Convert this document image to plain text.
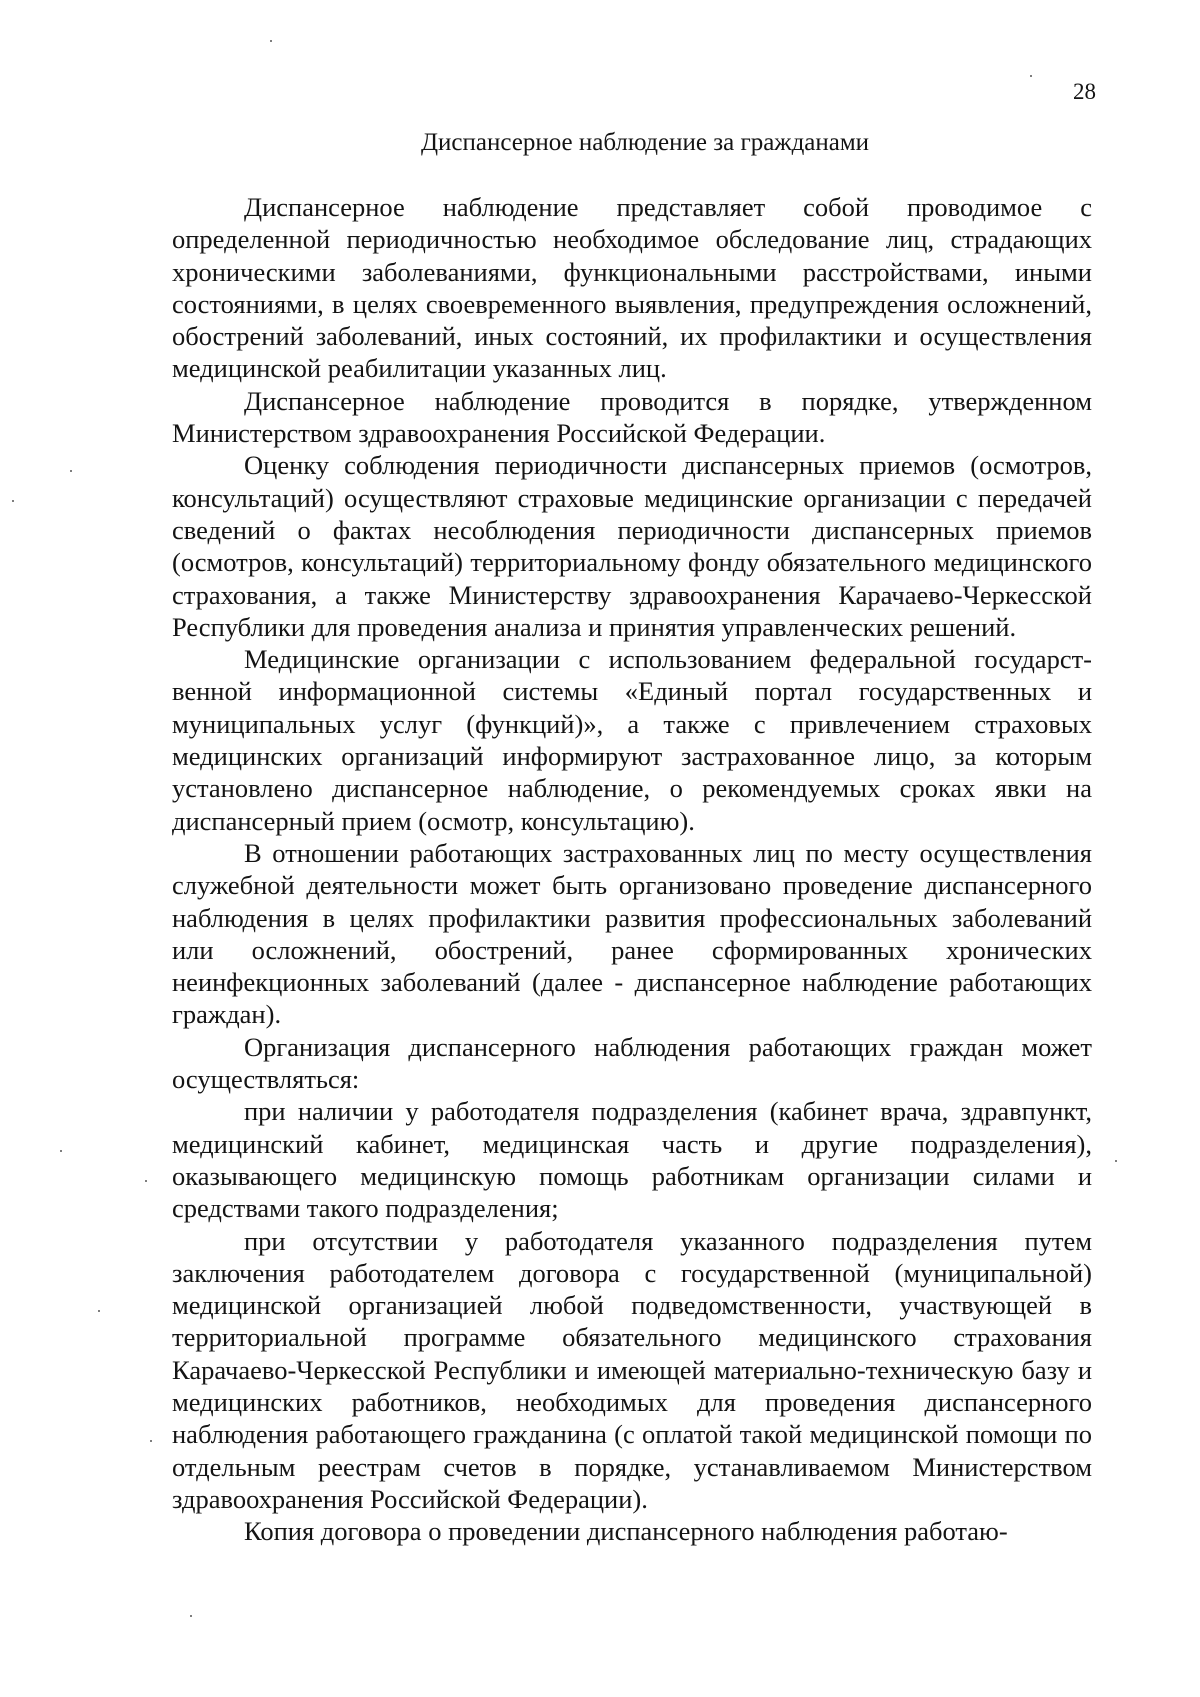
28
Диспансерное наблюдение за гражданами

Диспансерное наблюдение представляет собой проводимое с определенной периодичностью необходимое обследование лиц, страдающих хроническими заболеваниями, функциональными расстройствами, иными состояниями, в целях своевременного выявления, предупреждения осложнений, обострений заболеваний, иных состояний, их профилактики и осуществления медицинской реабилитации указанных лиц.

Диспансерное наблюдение проводится в порядке, утвержденном Министерством здравоохранения Российской Федерации.

Оценку соблюдения периодичности диспансерных приемов (осмотров, консультаций) осуществляют страховые медицинские организации с передачей сведений о фактах несоблюдения периодичности диспансерных приемов (осмотров, консультаций) территориальному фонду обязательного медицинского страхования, а также Министерству здравоохранения Карачаево-Черкесской Республики для проведения анализа и принятия управленческих решений.

Медицинские организации с использованием федеральной государственной информационной системы «Единый портал государственных и муниципальных услуг (функций)», а также с привлечением страховых медицинских организаций информируют застрахованное лицо, за которым установлено диспансерное наблюдение, о рекомендуемых сроках явки на диспансерный прием (осмотр, консультацию).

В отношении работающих застрахованных лиц по месту осуществления служебной деятельности может быть организовано проведение диспансерного наблюдения в целях профилактики развития профессиональных заболеваний или осложнений, обострений, ранее сформированных хронических неинфекционных заболеваний (далее - диспансерное наблюдение работающих граждан).

Организация диспансерного наблюдения работающих граждан может осуществляться:

при наличии у работодателя подразделения (кабинет врача, здравпункт, медицинский кабинет, медицинская часть и другие подразделения), оказывающего медицинскую помощь работникам организации силами и средствами такого подразделения;

при отсутствии у работодателя указанного подразделения путем заключения работодателем договора с государственной (муниципальной) медицинской организацией любой подведомственности, участвующей в территориальной программе обязательного медицинского страхования Карачаево-Черкесской Республики и имеющей материально-техническую базу и медицинских работников, необходимых для проведения диспансерного наблюдения работающего гражданина (с оплатой такой медицинской помощи по отдельным реестрам счетов в порядке, устанавливаемом Министерством здравоохранения Российской Федерации).

Копия договора о проведении диспансерного наблюдения работаю-
